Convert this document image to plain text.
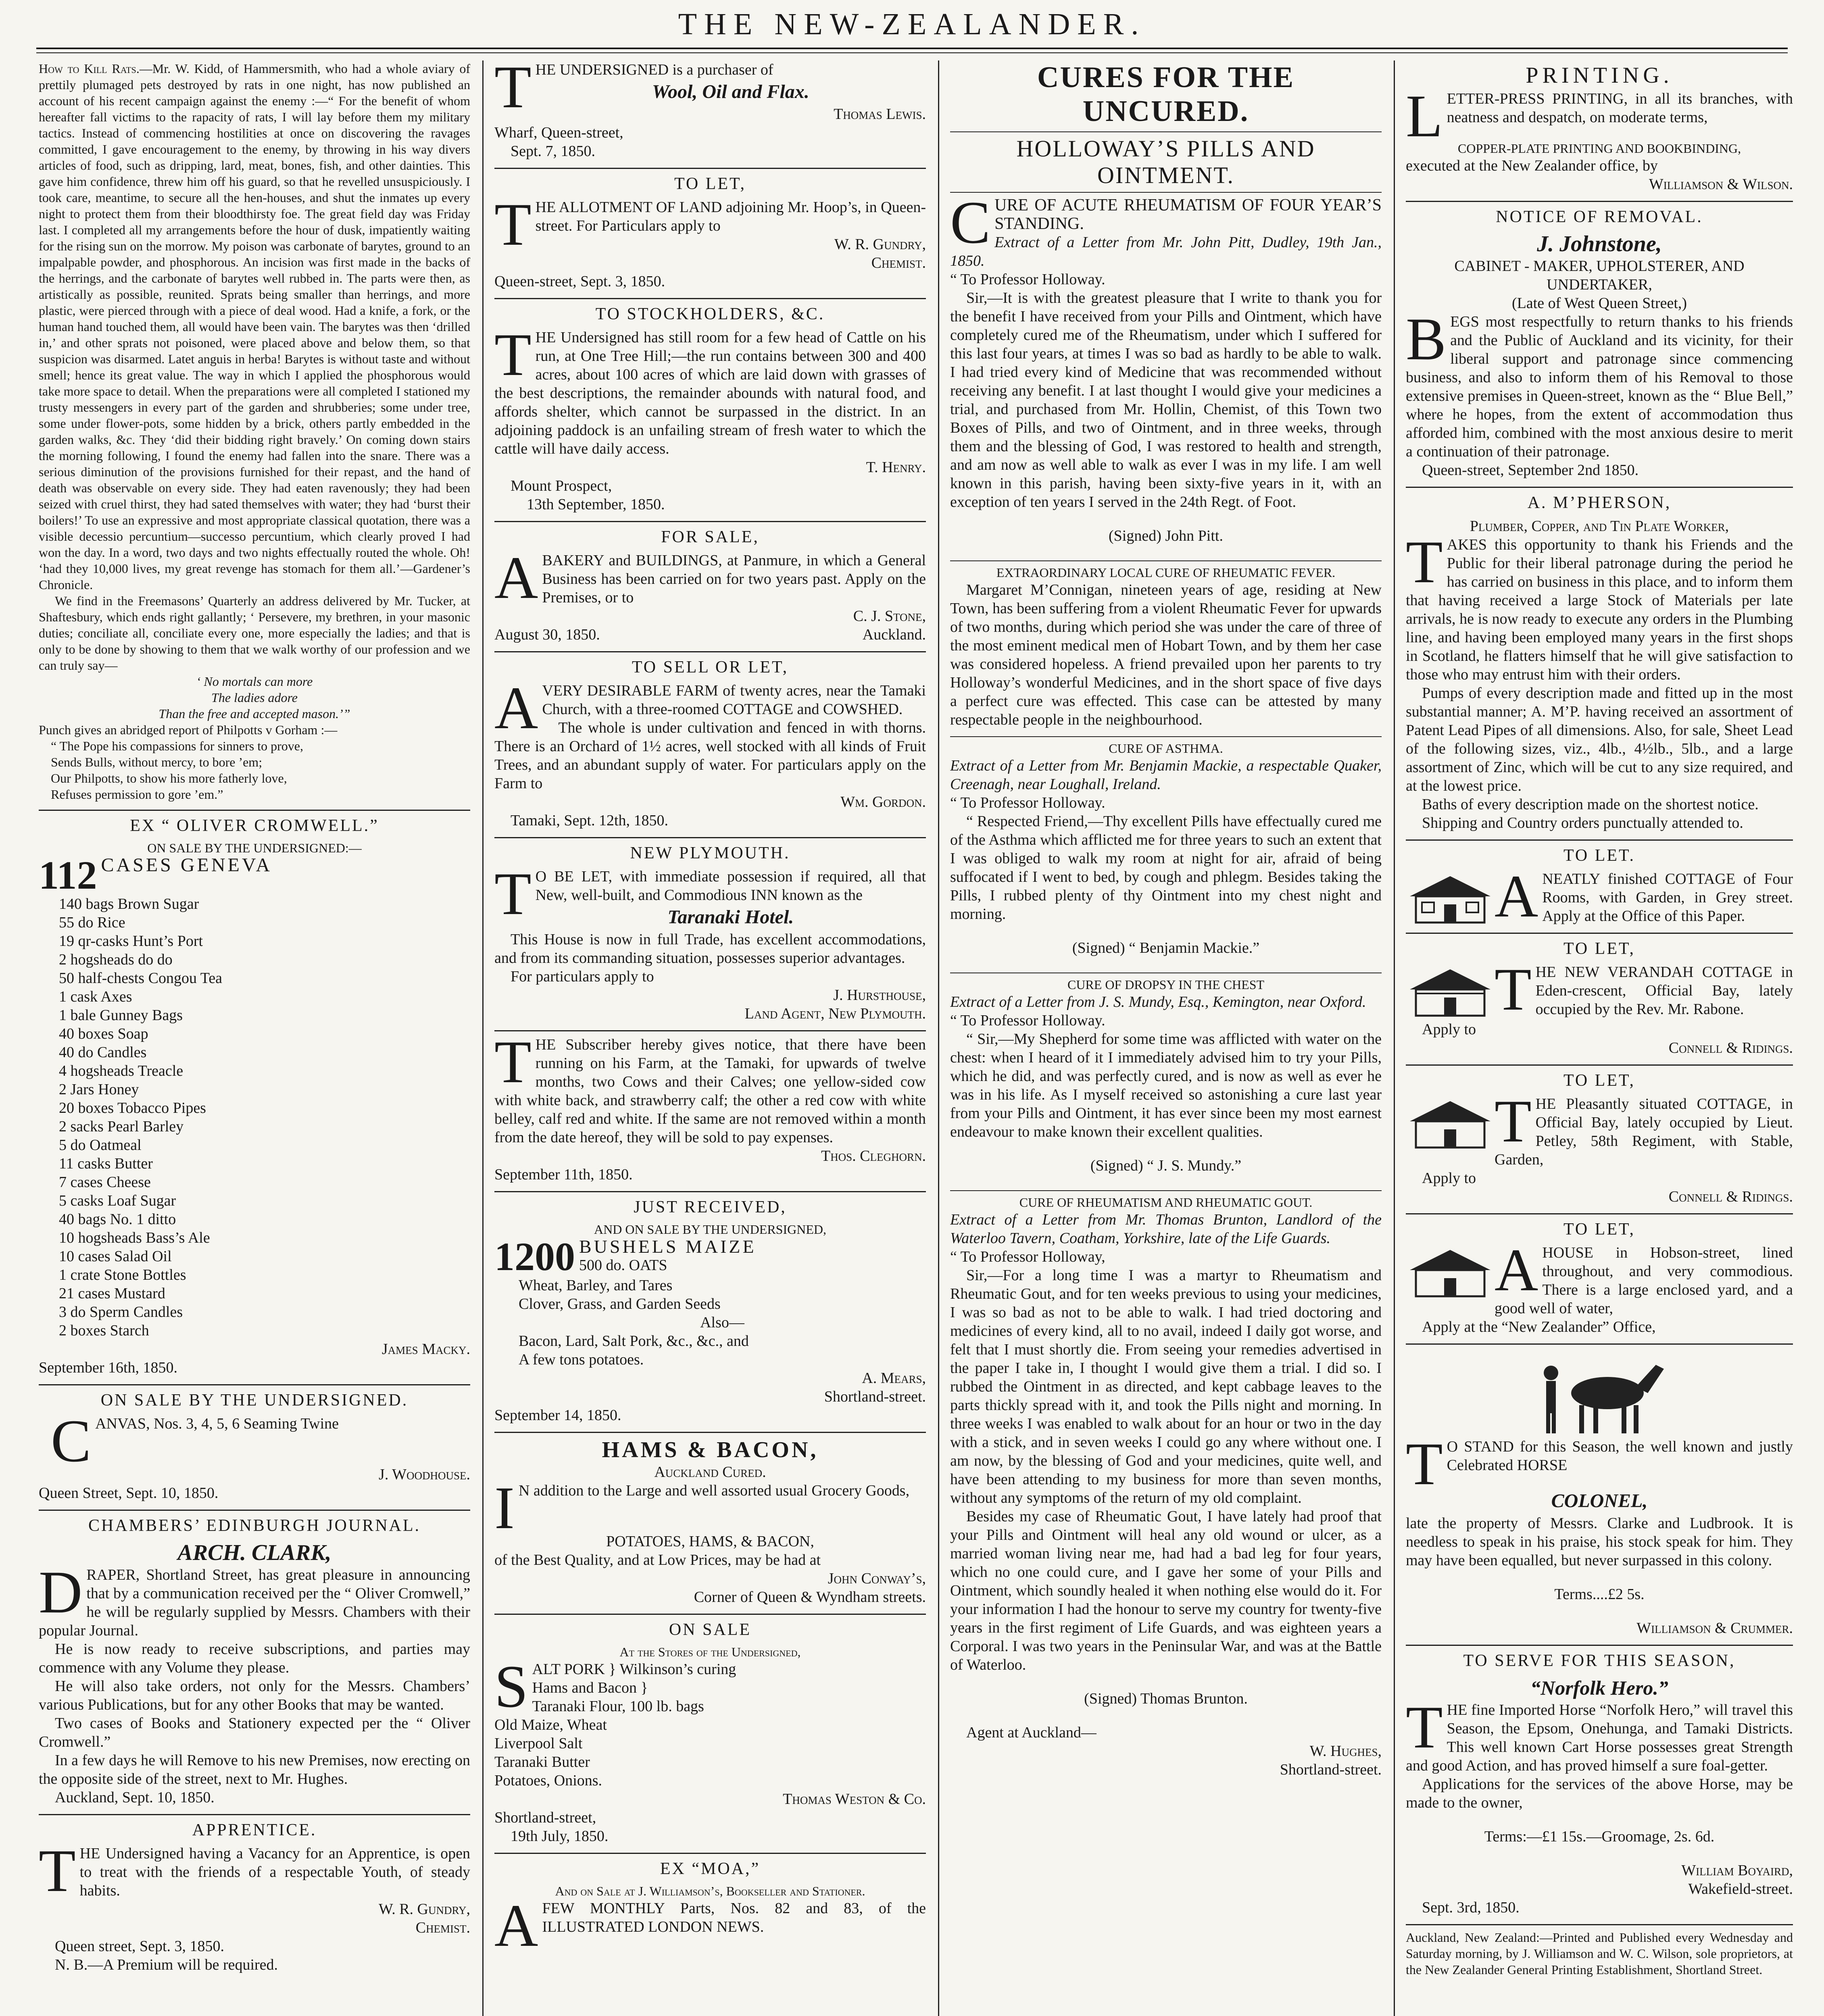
THE NEW-ZEALANDER.

How to Kill Rats.—Mr. W. Kidd, of Hammersmith, who had a whole aviary of prettily plumaged pets destroyed by rats in one night, has now published an account of his recent campaign against the enemy :—“ For the benefit of whom hereafter fall victims to the rapacity of rats, I will lay before them my military tactics. Instead of commencing hostilities at once on discovering the ravages committed, I gave encouragement to the enemy, by throwing in his way divers articles of food, such as dripping, lard, meat, bones, fish, and other dainties. This gave him confidence, threw him off his guard, so that he revelled unsuspiciously. I took care, meantime, to secure all the hen-houses, and shut the inmates up every night to protect them from their bloodthirsty foe. The great field day was Friday last. I completed all my arrangements before the hour of dusk, impatiently waiting for the rising sun on the morrow. My poison was carbonate of barytes, ground to an impalpable powder, and phosphorous. An incision was first made in the backs of the herrings, and the carbonate of barytes well rubbed in. The parts were then, as artistically as possible, reunited. Sprats being smaller than herrings, and more plastic, were pierced through with a piece of deal wood. Had a knife, a fork, or the human hand touched them, all would have been vain. The barytes was then ‘drilled in,’ and other sprats not poisoned, were placed above and below them, so that suspicion was disarmed. Latet anguis in herba! Barytes is without taste and without smell; hence its great value. The way in which I applied the phosphorous would take more space to detail. When the preparations were all completed I stationed my trusty messengers in every part of the garden and shrubberies; some under tree, some under flower-pots, some hidden by a brick, others partly embedded in the garden walks, &c. They ‘did their bidding right bravely.’ On coming down stairs the morning following, I found the enemy had fallen into the snare. There was a serious diminution of the provisions furnished for their repast, and the hand of death was observable on every side. They had eaten ravenously; they had been seized with cruel thirst, they had sated themselves with water; they had ‘burst their boilers!’ To use an expressive and most appropriate classical quotation, there was a visible decessio percuntium—successo percuntium, which clearly proved I had won the day. In a word, two days and two nights effectually routed the whole. Oh! ‘had they 10,000 lives, my great revenge has stomach for them all.’—Gardener’s Chronicle.

We find in the Freemasons’ Quarterly an address delivered by Mr. Tucker, at Shaftesbury, which ends right gallantly; ‘ Persevere, my brethren, in your masonic duties; conciliate all, conciliate every one, more especially the ladies; and that is only to be done by showing to them that we walk worthy of our profession and we can truly say—

‘ No mortals can more
The ladies adore
Than the free and accepted mason.’”

Punch gives an abridged report of Philpotts v Gorham :—

“ The Pope his compassions for sinners to prove,
Sends Bulls, without mercy, to bore ’em;
Our Philpotts, to show his more fatherly love,
Refuses permission to gore ’em.”
EX “ OLIVER CROMWELL.”
ON SALE BY THE UNDERSIGNED:—
112 CASES GENEVA
140 bags Brown Sugar
55 do Rice
19 qr-casks Hunt’s Port
2 hogsheads do do
50 half-chests Congou Tea
1 cask Axes
1 bale Gunney Bags
40 boxes Soap
40 do Candles
4 hogsheads Treacle
2 Jars Honey
20 boxes Tobacco Pipes
2 sacks Pearl Barley
5 do Oatmeal
11 casks Butter
7 cases Cheese
5 casks Loaf Sugar
40 bags No. 1 ditto
10 hogsheads Bass’s Ale
10 cases Salad Oil
1 crate Stone Bottles
21 cases Mustard
3 do Sperm Candles
2 boxes Starch

James Macky.

September 16th, 1850.

ON SALE BY THE UNDERSIGNED.

CANVAS, Nos. 3, 4, 5, 6 Seaming Twine

J. Woodhouse.

Queen Street, Sept. 10, 1850.

CHAMBERS’ EDINBURGH JOURNAL.
ARCH. CLARK,

DRAPER, Shortland Street, has great pleasure in announcing that by a communication received per the “ Oliver Cromwell,” he will be regularly supplied by Messrs. Chambers with their popular Journal.

He is now ready to receive subscriptions, and parties may commence with any Volume they please.

He will also take orders, not only for the Messrs. Chambers’ various Publications, but for any other Books that may be wanted.

Two cases of Books and Stationery expected per the “ Oliver Cromwell.”

In a few days he will Remove to his new Premises, now erecting on the opposite side of the street, next to Mr. Hughes.

Auckland, Sept. 10, 1850.

APPRENTICE.

THE Undersigned having a Vacancy for an Apprentice, is open to treat with the friends of a respectable Youth, of steady habits.

W. R. Gundry,

Chemist.

Queen street, Sept. 3, 1850.

N. B.—A Premium will be required.

THE UNDERSIGNED is a purchaser of

Wool, Oil and Flax.

Thomas Lewis.

Wharf, Queen-street,

Sept. 7, 1850.

TO LET,

THE ALLOTMENT OF LAND adjoining Mr. Hoop’s, in Queen-street. For Particulars apply to

W. R. Gundry,

Chemist.

Queen-street, Sept. 3, 1850.

TO STOCKHOLDERS, &C.

THE Undersigned has still room for a few head of Cattle on his run, at One Tree Hill;—the run contains between 300 and 400 acres, about 100 acres of which are laid down with grasses of the best descriptions, the remainder abounds with natural food, and affords shelter, which cannot be surpassed in the district. In an adjoining paddock is an unfailing stream of fresh water to which the cattle will have daily access.

T. Henry.

Mount Prospect,

13th September, 1850.

FOR SALE,

ABAKERY and BUILDINGS, at Panmure, in which a General Business has been carried on for two years past. Apply on the Premises, or to

C. J. Stone,

August 30, 1850.	Auckland.
TO SELL OR LET,

AVERY DESIRABLE FARM of twenty acres, near the Tamaki Church, with a three-roomed COTTAGE and COWSHED.

The whole is under cultivation and fenced in with thorns. There is an Orchard of 1½ acres, well stocked with all kinds of Fruit Trees, and an abundant supply of water. For particulars apply on the Farm to

Wm. Gordon.

Tamaki, Sept. 12th, 1850.

NEW PLYMOUTH.

T O BE LET, with immediate possession if required, all that New, well-built, and Commodious INN known as the

Taranaki Hotel.

This House is now in full Trade, has excellent accommodations, and from its commanding situation, possesses superior advantages.

For particulars apply to

J. Hursthouse,

Land Agent, New Plymouth.

THE Subscriber hereby gives notice, that there have been running on his Farm, at the Tamaki, for upwards of twelve months, two Cows and their Calves; one yellow-sided cow with white back, and strawberry calf; the other a red cow with white belley, calf red and white. If the same are not removed within a month from the date hereof, they will be sold to pay expenses.

Thos. Cleghorn.

September 11th, 1850.

JUST RECEIVED,
AND ON SALE BY THE UNDERSIGNED,
1200 BUSHELS MAIZE
500 do. OATS
Wheat, Barley, and Tares
Clover, Grass, and Garden Seeds
Also—
Bacon, Lard, Salt Pork, &c., &c., and
A few tons potatoes.

A. Mears,

Shortland-street.

September 14, 1850.

HAMS & BACON,
Auckland Cured.

I N addition to the Large and well assorted usual Grocery Goods,

POTATOES, HAMS, & BACON,

of the Best Quality, and at Low Prices, may be had at

John Conway’s,

Corner of Queen & Wyndham streets.

ON SALE
At the Stores of the Undersigned,
S ALT PORK } Wilkinson’s curing
Hams and Bacon }
Taranaki Flour, 100 lb. bags
Old Maize, Wheat
Liverpool Salt
Taranaki Butter
Potatoes, Onions.

Thomas Weston & Co.

Shortland-street,

19th July, 1850.

EX “MOA,”
And on Sale at J. Williamson’s, Bookseller and Stationer.

AFEW MONTHLY Parts, Nos. 82 and 83, of the ILLUSTRATED LONDON NEWS.

CURES FOR THE UNCURED.
HOLLOWAY’S PILLS AND OINTMENT.

CURE OF ACUTE RHEUMATISM OF FOUR YEAR’S STANDING.

Extract of a Letter from Mr. John Pitt, Dudley, 19th Jan., 1850.

“ To Professor Holloway.

Sir,—It is with the greatest pleasure that I write to thank you for the benefit I have received from your Pills and Ointment, which have completely cured me of the Rheumatism, under which I suffered for this last four years, at times I was so bad as hardly to be able to walk. I had tried every kind of Medicine that was recommended without receiving any benefit. I at last thought I would give your medicines a trial, and purchased from Mr. Hollin, Chemist, of this Town two Boxes of Pills, and two of Ointment, and in three weeks, through them and the blessing of God, I was restored to health and strength, and am now as well able to walk as ever I was in my life. I am well known in this parish, having been sixty-five years in it, with an exception of ten years I served in the 24th Regt. of Foot.

(Signed) John Pitt.

EXTRAORDINARY LOCAL CURE OF RHEUMATIC FEVER.

Margaret M’Connigan, nineteen years of age, residing at New Town, has been suffering from a violent Rheumatic Fever for upwards of two months, during which period she was under the care of three of the most eminent medical men of Hobart Town, and by them her case was considered hopeless. A friend prevailed upon her parents to try Holloway’s wonderful Medicines, and in the short space of five days a perfect cure was effected. This case can be attested by many respectable people in the neighbourhood.

CURE OF ASTHMA.

Extract of a Letter from Mr. Benjamin Mackie, a respectable Quaker, Creenagh, near Loughall, Ireland.

“ To Professor Holloway.

“ Respected Friend,—Thy excellent Pills have effectually cured me of the Asthma which afflicted me for three years to such an extent that I was obliged to walk my room at night for air, afraid of being suffocated if I went to bed, by cough and phlegm. Besides taking the Pills, I rubbed plenty of thy Ointment into my chest night and morning.

(Signed) “ Benjamin Mackie.”

CURE OF DROPSY IN THE CHEST

Extract of a Letter from J. S. Mundy, Esq., Kemington, near Oxford.

“ To Professor Holloway.

“ Sir,—My Shepherd for some time was afflicted with water on the chest: when I heard of it I immediately advised him to try your Pills, which he did, and was perfectly cured, and is now as well as ever he was in his life. As I myself received so astonishing a cure last year from your Pills and Ointment, it has ever since been my most earnest endeavour to make known their excellent qualities.

(Signed) “ J. S. Mundy.”

CURE OF RHEUMATISM AND RHEUMATIC GOUT.

Extract of a Letter from Mr. Thomas Brunton, Landlord of the Waterloo Tavern, Coatham, Yorkshire, late of the Life Guards.

“ To Professor Holloway,

Sir,—For a long time I was a martyr to Rheumatism and Rheumatic Gout, and for ten weeks previous to using your medicines, I was so bad as not to be able to walk. I had tried doctoring and medicines of every kind, all to no avail, indeed I daily got worse, and felt that I must shortly die. From seeing your remedies advertised in the paper I take in, I thought I would give them a trial. I did so. I rubbed the Ointment in as directed, and kept cabbage leaves to the parts thickly spread with it, and took the Pills night and morning. In three weeks I was enabled to walk about for an hour or two in the day with a stick, and in seven weeks I could go any where without one. I am now, by the blessing of God and your medicines, quite well, and have been attending to my business for more than seven months, without any symptoms of the return of my old complaint.

Besides my case of Rheumatic Gout, I have lately had proof that your Pills and Ointment will heal any old wound or ulcer, as a married woman living near me, had had a bad leg for four years, which no one could cure, and I gave her some of your Pills and Ointment, which soundly healed it when nothing else would do it. For your information I had the honour to serve my country for twenty-five years in the first regiment of Life Guards, and was eighteen years a Corporal. I was two years in the Peninsular War, and was at the Battle of Waterloo.

(Signed) Thomas Brunton.

Agent at Auckland—

W. Hughes,

Shortland-street.

PRINTING.

LETTER-PRESS PRINTING, in all its branches, with neatness and despatch, on moderate terms,

COPPER-PLATE PRINTING AND BOOKBINDING,

executed at the New Zealander office, by

Williamson & Wilson.

NOTICE OF REMOVAL.
J. Johnstone,
CABINET - MAKER, UPHOLSTERER, AND UNDERTAKER,
(Late of West Queen Street,)

BEGS most respectfully to return thanks to his friends and the Public of Auckland and its vicinity, for their liberal support and patronage since commencing business, and also to inform them of his Removal to those extensive premises in Queen-street, known as the “ Blue Bell,” where he hopes, from the extent of accommodation thus afforded him, combined with the most anxious desire to merit a continuation of their patronage.

Queen-street, September 2nd 1850.

A. M’PHERSON,
Plumber, Copper, and Tin Plate Worker,

TAKES this opportunity to thank his Friends and the Public for their liberal patronage during the period he has carried on business in this place, and to inform them that having received a large Stock of Materials per late arrivals, he is now ready to execute any orders in the Plumbing line, and having been employed many years in the first shops in Scotland, he flatters himself that he will give satisfaction to those who may entrust him with their orders.

Pumps of every description made and fitted up in the most substantial manner; A. M’P. having received an assortment of Patent Lead Pipes of all dimensions. Also, for sale, Sheet Lead of the following sizes, viz., 4lb., 4½lb., 5lb., and a large assortment of Zinc, which will be cut to any size required, and at the lowest price.

Baths of every description made on the shortest notice.

Shipping and Country orders punctually attended to.

TO LET.

ANEATLY finished COTTAGE of Four Rooms, with Garden, in Grey street. Apply at the Office of this Paper.

TO LET,

THE NEW VERANDAH COTTAGE in Eden-crescent, Official Bay, lately occupied by the Rev. Mr. Rabone.

Apply to

Connell & Ridings.

TO LET,

THE Pleasantly situated COTTAGE, in Official Bay, lately occupied by Lieut. Petley, 58th Regiment, with Stable, Garden,

Apply to

Connell & Ridings.

TO LET,

AHOUSE in Hobson-street, lined throughout, and very commodious. There is a large enclosed yard, and a good well of water,

Apply at the “New Zealander” Office,

T O STAND for this Season, the well known and justly Celebrated HORSE

COLONEL,

late the property of Messrs. Clarke and Ludbrook. It is needless to speak in his praise, his stock speak for him. They may have been equalled, but never surpassed in this colony.

Terms....£2 5s.

Williamson & Crummer.

TO SERVE FOR THIS SEASON,
“Norfolk Hero.”

THE fine Imported Horse “Norfolk Hero,” will travel this Season, the Epsom, Onehunga, and Tamaki Districts. This well known Cart Horse possesses great Strength and good Action, and has proved himself a sure foal-getter.

Applications for the services of the above Horse, may be made to the owner,

Terms:—£1 15s.—Groomage, 2s. 6d.

William Boyaird,

Wakefield-street.

Sept. 3rd, 1850.

Auckland, New Zealand:—Printed and Published every Wednesday and Saturday morning, by J. Williamson and W. C. Wilson, sole proprietors, at the New Zealander General Printing Establishment, Shortland Street.
